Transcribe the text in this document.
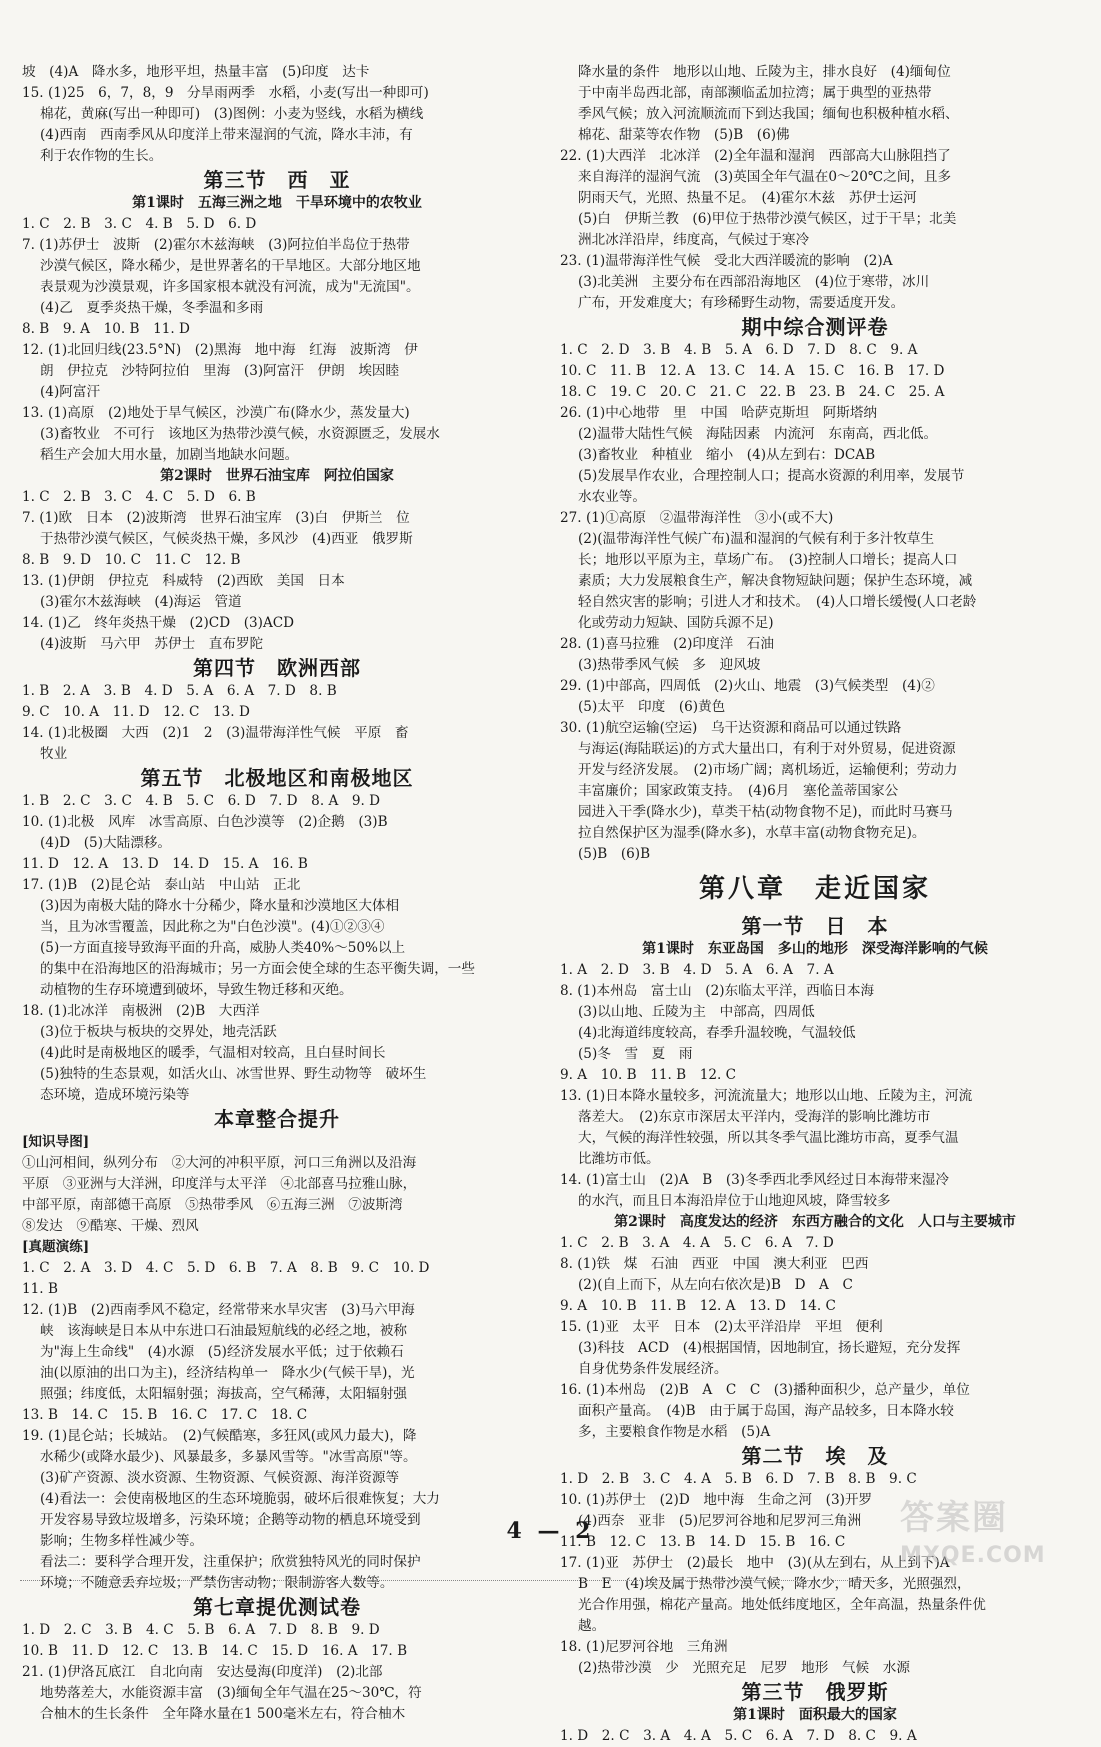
坡　(4)A　降水多，地形平坦，热量丰富　(5)印度　达卡
15. (1)25　6，7，8，9　分旱雨两季　水稻，小麦(写出一种即可)
棉花，黄麻(写出一种即可)　(3)图例：小麦为竖线，水稻为横线
(4)西南　西南季风从印度洋上带来湿润的气流，降水丰沛，有
利于农作物的生长。
第三节　西　亚
第1课时　五海三洲之地　干旱环境中的农牧业
1. C　2. B　3. C　4. B　5. D　6. D
7. (1)苏伊士　波斯　(2)霍尔木兹海峡　(3)阿拉伯半岛位于热带
沙漠气候区，降水稀少，是世界著名的干旱地区。大部分地区地
表景观为沙漠景观，许多国家根本就没有河流，成为"无流国"。
(4)乙　夏季炎热干燥，冬季温和多雨
8. B　9. A　10. B　11. D
12. (1)北回归线(23.5°N)　(2)黑海　地中海　红海　波斯湾　伊
朗　伊拉克　沙特阿拉伯　里海　(3)阿富汗　伊朗　埃因睦
(4)阿富汗
13. (1)高原　(2)地处于旱气候区，沙漠广布(降水少，蒸发量大)
(3)畜牧业　不可行　该地区为热带沙漠气候，水资源匮乏，发展水
稻生产会加大用水量，加剧当地缺水问题。
第2课时　世界石油宝库　阿拉伯国家
1. C　2. B　3. C　4. C　5. D　6. B
7. (1)欧　日本　(2)波斯湾　世界石油宝库　(3)白　伊斯兰　位
于热带沙漠气候区，气候炎热干燥，多风沙　(4)西亚　俄罗斯
8. B　9. D　10. C　11. C　12. B
13. (1)伊朗　伊拉克　科威特　(2)西欧　美国　日本
(3)霍尔木兹海峡　(4)海运　管道
14. (1)乙　终年炎热干燥　(2)CD　(3)ACD
(4)波斯　马六甲　苏伊士　直布罗陀
第四节　欧洲西部
1. B　2. A　3. B　4. D　5. A　6. A　7. D　8. B
9. C　10. A　11. D　12. C　13. D
14. (1)北极圈　大西　(2)1　2　(3)温带海洋性气候　平原　畜
牧业
第五节　北极地区和南极地区
1. B　2. C　3. C　4. B　5. C　6. D　7. D　8. A　9. D
10. (1)北极　风库　冰雪高原、白色沙漠等　(2)企鹅　(3)B
(4)D　(5)大陆漂移。
11. D　12. A　13. D　14. D　15. A　16. B
17. (1)B　(2)昆仑站　泰山站　中山站　正北
(3)因为南极大陆的降水十分稀少，降水量和沙漠地区大体相
当，且为冰雪覆盖，因此称之为"白色沙漠"。(4)①②③④
(5)一方面直接导致海平面的升高，威胁人类40%～50%以上
的集中在沿海地区的沿海城市；另一方面会使全球的生态平衡失调，一些
动植物的生存环境遭到破坏，导致生物迁移和灭绝。
18. (1)北冰洋　南极洲　(2)B　大西洋
(3)位于板块与板块的交界处，地壳活跃
(4)此时是南极地区的暖季，气温相对较高，且白昼时间长
(5)独特的生态景观，如活火山、冰雪世界、野生动物等　破坏生
态环境，造成环境污染等
本章整合提升
[知识导图]
①山河相间，纵列分布　②大河的冲积平原，河口三角洲以及沿海
平原　③亚洲与大洋洲，印度洋与太平洋　④北部喜马拉雅山脉，
中部平原，南部德干高原　⑤热带季风　⑥五海三洲　⑦波斯湾
⑧发达　⑨酷寒、干燥、烈风
[真题演练]
1. C　2. A　3. D　4. C　5. D　6. B　7. A　8. B　9. C　10. D
11. B
12. (1)B　(2)西南季风不稳定，经常带来水旱灾害　(3)马六甲海
峡　该海峡是日本从中东进口石油最短航线的必经之地，被称
为"海上生命线"　(4)水源　(5)经济发展水平低；过于依赖石
油(以原油的出口为主)，经济结构单一　降水少(气候干旱)，光
照强；纬度低，太阳辐射强；海拔高，空气稀薄，太阳辐射强
13. B　14. C　15. B　16. C　17. C　18. C
19. (1)昆仑站；长城站。　(2)气候酷寒，多狂风(或风力最大)，降
水稀少(或降水最少)、风暴最多，多暴风雪等。"冰雪高原"等。
(3)矿产资源、淡水资源、生物资源、气候资源、海洋资源等
(4)看法一：会使南极地区的生态环境脆弱，破坏后很难恢复；大力
开发容易导致垃圾增多，污染环境；企鹅等动物的栖息环境受到
影响；生物多样性减少等。
看法二：要科学合理开发，注重保护；欣赏独特风光的同时保护
环境；不随意丢弃垃圾；严禁伤害动物；限制游客人数等。
第七章提优测试卷
1. D　2. C　3. B　4. C　5. B　6. A　7. D　8. B　9. D
10. B　11. D　12. C　13. B　14. C　15. D　16. A　17. B
21. (1)伊洛瓦底江　自北向南　安达曼海(印度洋)　(2)北部
地势落差大，水能资源丰富　(3)缅甸全年气温在25～30℃，符
合柚木的生长条件　全年降水量在1 500毫米左右，符合柚木
降水量的条件　地形以山地、丘陵为主，排水良好　(4)缅甸位
于中南半岛西北部，南部濒临孟加拉湾；属于典型的亚热带
季风气候；放入河流顺流而下到达我国；缅甸也积极种植水稻、
棉花、甜菜等农作物　(5)B　(6)佛
22. (1)大西洋　北冰洋　(2)全年温和湿润　西部高大山脉阻挡了
来自海洋的湿润气流　(3)英国全年气温在0～20℃之间，且多
阴雨天气，光照、热量不足。　(4)霍尔木兹　苏伊士运河
(5)白　伊斯兰教　(6)甲位于热带沙漠气候区，过于干旱；北美
洲北冰洋沿岸，纬度高，气候过于寒冷
23. (1)温带海洋性气候　受北大西洋暖流的影响　(2)A
(3)北美洲　主要分布在西部沿海地区　(4)位于寒带，冰川
广布，开发难度大；有珍稀野生动物，需要适度开发。
期中综合测评卷
1. C　2. D　3. B　4. B　5. A　6. D　7. D　8. C　9. A
10. C　11. B　12. A　13. C　14. A　15. C　16. B　17. D
18. C　19. C　20. C　21. C　22. B　23. B　24. C　25. A
26. (1)中心地带　里　中国　哈萨克斯坦　阿斯塔纳
(2)温带大陆性气候　海陆因素　内流河　东南高，西北低。
(3)畜牧业　种植业　缩小　(4)从左到右：DCAB
(5)发展旱作农业，合理控制人口；提高水资源的利用率，发展节
水农业等。
27. (1)①高原　②温带海洋性　③小(或不大)
(2)(温带海洋性气候广布)温和湿润的气候有利于多汁牧草生
长；地形以平原为主，草场广布。　(3)控制人口增长；提高人口
素质；大力发展粮食生产，解决食物短缺问题；保护生态环境，减
轻自然灾害的影响；引进人才和技术。　(4)人口增长缓慢(人口老龄
化或劳动力短缺、国防兵源不足)
28. (1)喜马拉雅　(2)印度洋　石油
(3)热带季风气候　多　迎风坡
29. (1)中部高，四周低　(2)火山、地震　(3)气候类型　(4)②
(5)太平　印度　(6)黄色
30. (1)航空运输(空运)　乌干达资源和商品可以通过铁路
与海运(海陆联运)的方式大量出口，有利于对外贸易，促进资源
开发与经济发展。　(2)市场广阔；离机场近，运输便利；劳动力
丰富廉价；国家政策支持。　(4)6月　塞伦盖蒂国家公
园进入干季(降水少)，草类干枯(动物食物不足)，而此时马赛马
拉自然保护区为湿季(降水多)，水草丰富(动物食物充足)。
(5)B　(6)B
第八章　走近国家
第一节　日　本
第1课时　东亚岛国　多山的地形　深受海洋影响的气候
1. A　2. D　3. B　4. D　5. A　6. A　7. A
8. (1)本州岛　富士山　(2)东临太平洋，西临日本海
(3)以山地、丘陵为主　中部高，四周低
(4)北海道纬度较高，春季升温较晚，气温较低
(5)冬　雪　夏　雨
9. A　10. B　11. B　12. C
13. (1)日本降水量较多，河流流量大；地形以山地、丘陵为主，河流
落差大。　(2)东京市深居太平洋内，受海洋的影响比潍坊市
大，气候的海洋性较强，所以其冬季气温比潍坊市高，夏季气温
比潍坊市低。
14. (1)富士山　(2)A　B　(3)冬季西北季风经过日本海带来湿冷
的水汽，而且日本海沿岸位于山地迎风坡，降雪较多
第2课时　高度发达的经济　东西方融合的文化　人口与主要城市
1. C　2. B　3. A　4. A　5. C　6. A　7. D
8. (1)铁　煤　石油　西亚　中国　澳大利亚　巴西
(2)(自上而下，从左向右依次是)B　D　A　C
9. A　10. B　11. B　12. A　13. D　14. C
15. (1)亚　太平　日本　(2)太平洋沿岸　平坦　便利
(3)科技　ACD　(4)根据国情，因地制宜，扬长避短，充分发挥
自身优势条件发展经济。
16. (1)本州岛　(2)B　A　C　C　(3)播种面积少，总产量少，单位
面积产量高。　(4)B　由于属于岛国，海产品较多，日本降水较
多，主要粮食作物是水稻　(5)A
第二节　埃　及
1. D　2. B　3. C　4. A　5. B　6. D　7. B　8. B　9. C
10. (1)苏伊士　(2)D　地中海　生命之河　(3)开罗
(4)西奈　亚非　(5)尼罗河谷地和尼罗河三角洲
11. B　12. C　13. B　14. D　15. B　16. C
17. (1)亚　苏伊士　(2)最长　地中　(3)(从左到右，从上到下)A
B　E　(4)埃及属于热带沙漠气候，降水少，晴天多，光照强烈，
光合作用强，棉花产量高。地处低纬度地区，全年高温，热量条件优
越。
18. (1)尼罗河谷地　三角洲
(2)热带沙漠　少　光照充足　尼罗　地形　气候　水源
第三节　俄罗斯
第1课时　面积最大的国家
1. D　2. C　3. A　4. A　5. C　6. A　7. D　8. C　9. A
4 — 2	答案圈
MXQE.COM
